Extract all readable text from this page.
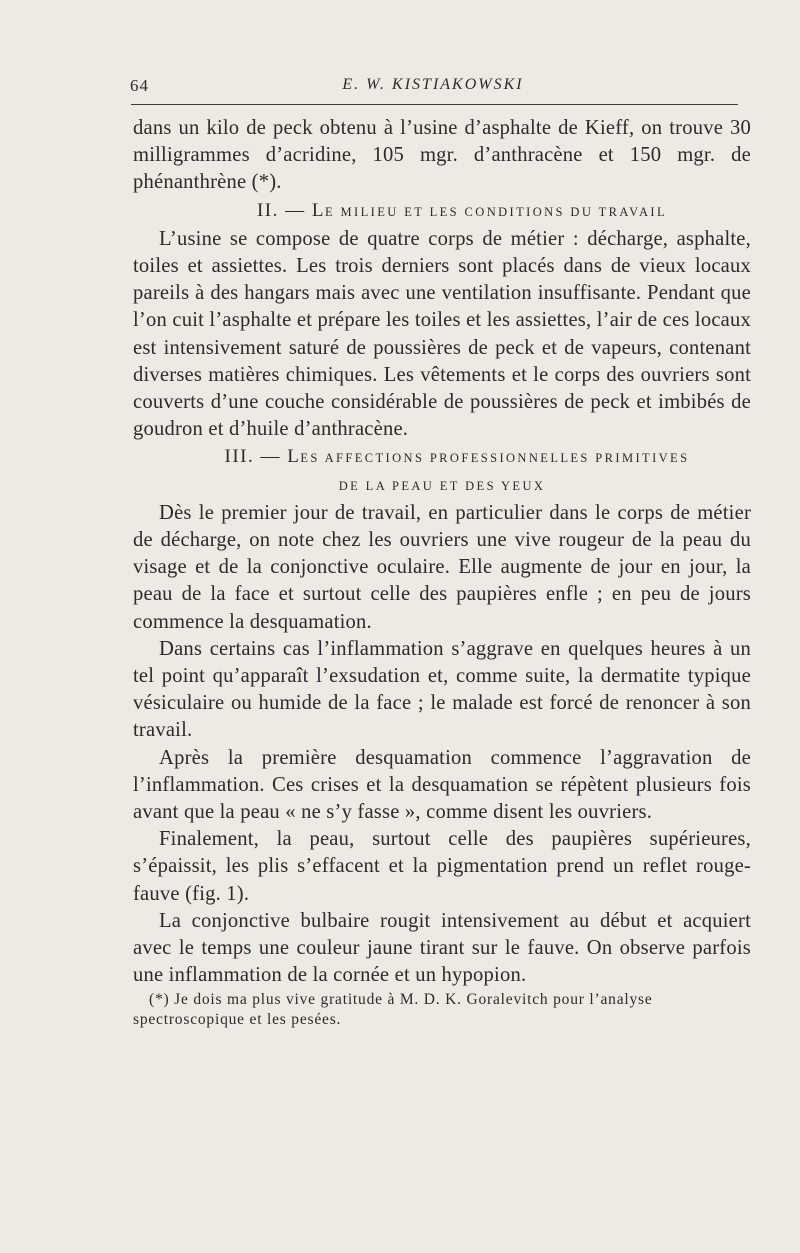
64	E. W. KISTIAKOWSKI

dans un kilo de peck obtenu à l’usine d’asphalte de Kieff, on trouve 30 milligrammes d’acridine, 105 mgr. d’anthracène et 150 mgr. de phénanthrène (*).

II. — LE MILIEU ET LES CONDITIONS DU TRAVAIL

L’usine se compose de quatre corps de métier : décharge, asphalte, toiles et assiettes. Les trois derniers sont placés dans de vieux locaux pareils à des hangars mais avec une ventilation insuffisante. Pendant que l’on cuit l’asphalte et prépare les toiles et les assiettes, l’air de ces locaux est intensivement saturé de poussières de peck et de vapeurs, contenant diverses matières chimiques. Les vêtements et le corps des ouvriers sont couverts d’une couche considérable de poussières de peck et imbibés de goudron et d’huile d’anthracène.

III. — LES AFFECTIONS PROFESSIONNELLES PRIMITIVES

DE LA PEAU ET DES YEUX

Dès le premier jour de travail, en particulier dans le corps de métier de décharge, on note chez les ouvriers une vive rougeur de la peau du visage et de la conjonctive oculaire. Elle augmente de jour en jour, la peau de la face et surtout celle des paupières enfle ; en peu de jours commence la desquamation.

Dans certains cas l’inflammation s’aggrave en quelques heures à un tel point qu’apparaît l’exsudation et, comme suite, la dermatite typique vésiculaire ou humide de la face ; le malade est forcé de renoncer à son travail.

Après la première desquamation commence l’aggravation de l’inflammation. Ces crises et la desquamation se répètent plusieurs fois avant que la peau « ne s’y fasse », comme disent les ouvriers.

Finalement, la peau, surtout celle des paupières supérieures, s’épaissit, les plis s’effacent et la pigmentation prend un reflet rouge-fauve (fig. 1).

La conjonctive bulbaire rougit intensivement au début et acquiert avec le temps une couleur jaune tirant sur le fauve. On observe parfois une inflammation de la cornée et un hypopion.

(*) Je dois ma plus vive gratitude à M. D. K. Goralevitch pour l’analyse spectroscopique et les pesées.
